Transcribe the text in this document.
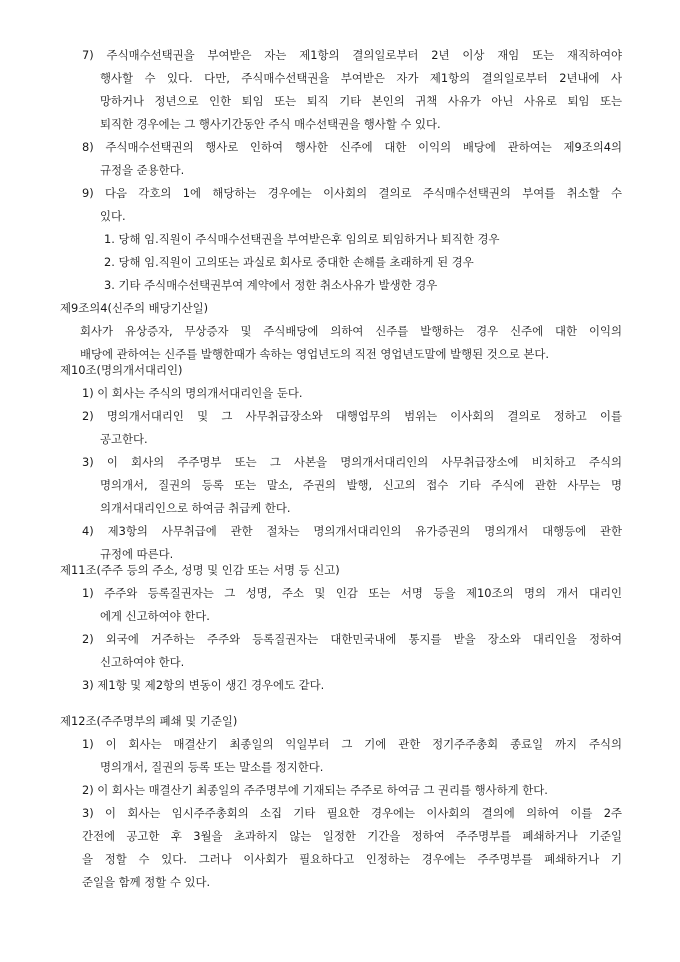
7) 주식매수선택권을 부여받은 자는 제1항의 결의일로부터 2년 이상 재임 또는 재직하여야
행사할 수 있다. 다만, 주식매수선택권을 부여받은 자가 제1항의 결의일로부터 2년내에 사
망하거나 정년으로 인한 퇴임 또는 퇴직 기타 본인의 귀책 사유가 아닌 사유로 퇴임 또는
퇴직한 경우에는 그 행사기간동안 주식 매수선택권을 행사할 수 있다.
8) 주식매수선택권의 행사로 인하여 행사한 신주에 대한 이익의 배당에 관하여는 제9조의4의
규정을 준용한다.
9) 다음 각호의 1에 해당하는 경우에는 이사회의 결의로 주식매수선택권의 부여를 취소할 수
있다.
1. 당해 임.직원이 주식매수선택권을 부여받은후 임의로 퇴임하거나 퇴직한 경우
2. 당해 임.직원이 고의또는 과실로 회사로 중대한 손해를 초래하게 된 경우
3. 기타 주식매수선택권부여 계약에서 정한 취소사유가 발생한 경우
제9조의4(신주의 배당기산일)
회사가 유상증자, 무상증자 및 주식배당에 의하여 신주를 발행하는 경우 신주에 대한 이익의
배당에 관하여는 신주를 발행한때가 속하는 영업년도의 직전 영업년도말에 발행된 것으로 본다.
제10조(명의개서대리인)
1) 이 회사는 주식의 명의개서대리인을 둔다.
2) 명의개서대리인 및 그 사무취급장소와 대행업무의 범위는 이사회의 결의로 정하고 이를
공고한다.
3) 이 회사의 주주명부 또는 그 사본을 명의개서대리인의 사무취급장소에 비치하고 주식의
명의개서, 질권의 등록 또는 말소, 주권의 발행, 신고의 접수 기타 주식에 관한 사무는 명
의개서대리인으로 하여금 취급케 한다.
4) 제3항의 사무취급에 관한 절차는 명의개서대리인의 유가증권의 명의개서 대행등에 관한
규정에 따른다.
제11조(주주 등의 주소, 성명 및 인감 또는 서명 등 신고)
1) 주주와 등록질권자는 그 성명, 주소 및 인감 또는 서명 등을 제10조의 명의 개서 대리인
에게 신고하여야 한다.
2) 외국에 거주하는 주주와 등록질권자는 대한민국내에 통지를 받을 장소와 대리인을 정하여
신고하여야 한다.
3) 제1항 및 제2항의 변동이 생긴 경우에도 같다.
제12조(주주명부의 폐쇄 및 기준일)
1) 이 회사는 매결산기 최종일의 익일부터 그 기에 관한 정기주주총회 종료일 까지 주식의
명의개서, 질권의 등록 또는 말소를 정지한다.
2) 이 회사는 매결산기 최종일의 주주명부에 기재되는 주주로 하여금 그 권리를 행사하게 한다.
3) 이 회사는 임시주주총회의 소집 기타 필요한 경우에는 이사회의 결의에 의하여 이를 2주
간전에 공고한 후 3월을 초과하지 않는 일정한 기간을 정하여 주주명부를 폐쇄하거나 기준일
을 정할 수 있다. 그러나 이사회가 필요하다고 인정하는 경우에는 주주명부를 폐쇄하거나 기
준일을 함께 정할 수 있다.
